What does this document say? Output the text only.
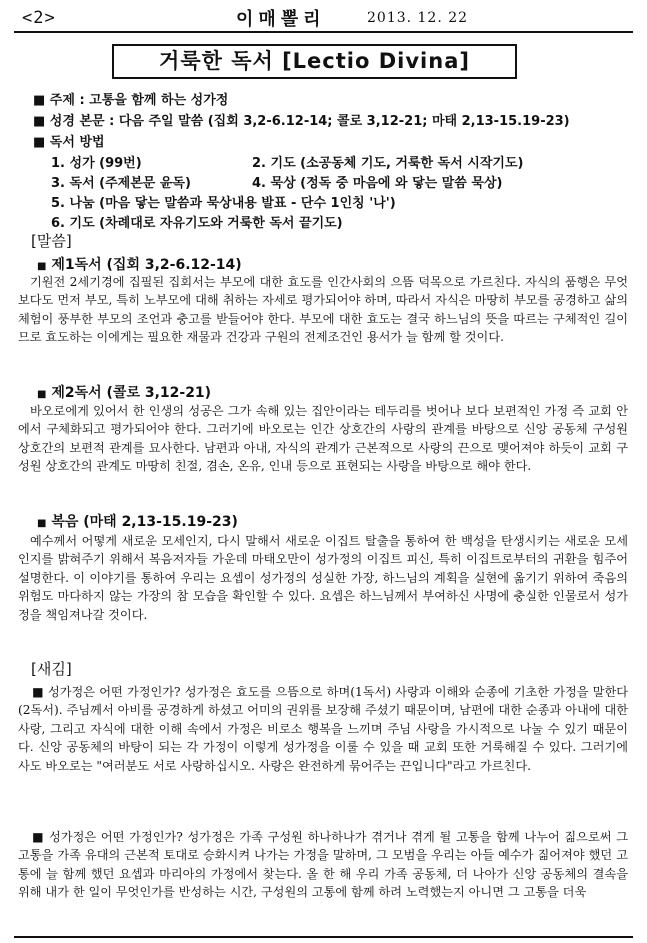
<2>	이매뽈리	2013. 12. 22
거룩한 독서 [Lectio Divina]
■ 주제 : 고통을 함께 하는 성가정
■ 성경 본문 : 다음 주일 말씀 (집회 3,2-6.12-14; 콜로 3,12-21; 마태 2,13-15.19-23)
■ 독서 방법
1. 성가 (99번)	2. 기도 (소공동체 기도, 거룩한 독서 시작기도)
3. 독서 (주제본문 윤독)	4. 묵상 (정독 중 마음에 와 닿는 말씀 묵상)
5. 나눔 (마음 닿는 말씀과 묵상내용 발표 - 단수 1인칭 '나')
6. 기도 (차례대로 자유기도와 거룩한 독서 끝기도)
[말씀]
■ 제1독서 (집회 3,2-6.12-14)

기원전 2세기경에 집필된 집회서는 부모에 대한 효도를 인간사회의 으뜸 덕목으로 가르친다. 자식의 품행은 무엇보다도 먼저 부모, 특히 노부모에 대해 취하는 자세로 평가되어야 하며, 따라서 자식은 마땅히 부모를 공경하고 삶의 체험이 풍부한 부모의 조언과 충고를 받들어야 한다. 부모에 대한 효도는 결국 하느님의 뜻을 따르는 구체적인 길이므로 효도하는 이에게는 필요한 재물과 건강과 구원의 전제조건인 용서가 늘 함께 할 것이다.

■ 제2독서 (콜로 3,12-21)

바오로에게 있어서 한 인생의 성공은 그가 속해 있는 집안이라는 테두리를 벗어나 보다 보편적인 가정 즉 교회 안에서 구체화되고 평가되어야 한다. 그러기에 바오로는 인간 상호간의 사랑의 관계를 바탕으로 신앙 공동체 구성원 상호간의 보편적 관계를 묘사한다. 남편과 아내, 자식의 관계가 근본적으로 사랑의 끈으로 맺어져야 하듯이 교회 구성원 상호간의 관계도 마땅히 친절, 겸손, 온유, 인내 등으로 표현되는 사랑을 바탕으로 해야 한다.

■ 복음 (마태 2,13-15.19-23)

예수께서 어떻게 새로운 모세인지, 다시 말해서 새로운 이집트 탈출을 통하여 한 백성을 탄생시키는 새로운 모세인지를 밝혀주기 위해서 복음저자들 가운데 마태오만이 성가정의 이집트 피신, 특히 이집트로부터의 귀환을 힘주어 설명한다. 이 이야기를 통하여 우리는 요셉이 성가정의 성실한 가장, 하느님의 계획을 실현에 옮기기 위하여 죽음의 위험도 마다하지 않는 가장의 참 모습을 확인할 수 있다. 요셉은 하느님께서 부여하신 사명에 충실한 인물로서 성가정을 책임져나갈 것이다.

[새김]

■ 성가정은 어떤 가정인가? 성가정은 효도를 으뜸으로 하며(1독서) 사랑과 이해와 순종에 기초한 가정을 말한다(2독서). 주님께서 아비를 공경하게 하셨고 어미의 권위를 보장해 주셨기 때문이며, 남편에 대한 순종과 아내에 대한 사랑, 그리고 자식에 대한 이해 속에서 가정은 비로소 행복을 느끼며 주님 사랑을 가시적으로 나눌 수 있기 때문이다. 신앙 공동체의 바탕이 되는 각 가정이 이렇게 성가정을 이룰 수 있을 때 교회 또한 거룩해질 수 있다. 그러기에 사도 바오로는 "여러분도 서로 사랑하십시오. 사랑은 완전하게 묶어주는 끈입니다"라고 가르친다.

■ 성가정은 어떤 가정인가? 성가정은 가족 구성원 하나하나가 겪거나 겪게 될 고통을 함께 나누어 짊으로써 그 고통을 가족 유대의 근본적 토대로 승화시켜 나가는 가정을 말하며, 그 모범을 우리는 아들 예수가 짊어져야 했던 고통에 늘 함께 했던 요셉과 마리아의 가정에서 찾는다. 올 한 해 우리 가족 공동체, 더 나아가 신앙 공동체의 결속을 위해 내가 한 일이 무엇인가를 반성하는 시간, 구성원의 고통에 함께 하려 노력했는지 아니면 그 고통을 더욱
